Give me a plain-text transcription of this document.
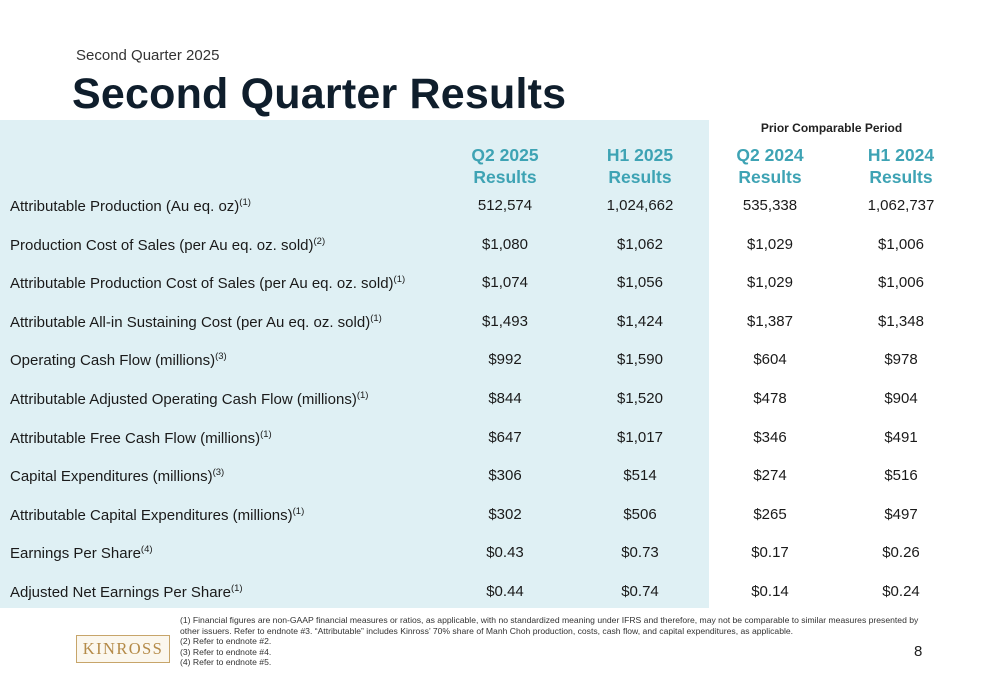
Second Quarter 2025
Second Quarter Results
Prior Comparable Period
Q2 2025
Results
H1 2025
Results
Q2 2024
Results
H1 2024
Results
Attributable Production (Au eq. oz)$^{(1)}$	512,574	1,024,662	535,338	1,062,737
Production Cost of Sales (per Au eq. oz. sold)$^{(2)}$	$1,080	$1,062	$1,029	$1,006
Attributable Production Cost of Sales (per Au eq. oz. sold)$^{(1)}$	$1,074	$1,056	$1,029	$1,006
Attributable All-in Sustaining Cost (per Au eq. oz. sold)$^{(1)}$	$1,493	$1,424	$1,387	$1,348
Operating Cash Flow (millions)$^{(3)}$	$992	$1,590	$604	$978
Attributable Adjusted Operating Cash Flow (millions)$^{(1)}$	$844	$1,520	$478	$904
Attributable Free Cash Flow (millions)$^{(1)}$	$647	$1,017	$346	$491
Capital Expenditures (millions)$^{(3)}$	$306	$514	$274	$516
Attributable Capital Expenditures (millions)$^{(1)}$	$302	$506	$265	$497
Earnings Per Share$^{(4)}$	$0.43	$0.73	$0.17	$0.26
Adjusted Net Earnings Per Share$^{(1)}$	$0.44	$0.74	$0.14	$0.24
(1) Financial figures are non-GAAP financial measures or ratios, as applicable, with no standardized meaning under IFRS and therefore, may not be comparable to similar measures presented by other issuers. Refer to endnote #3. “Attributable” includes Kinross’ 70% share of Manh Choh production, costs, cash flow, and capital expenditures, as applicable.
(2) Refer to endnote #2.
(3) Refer to endnote #4.
(4) Refer to endnote #5.
KINROSS	8
